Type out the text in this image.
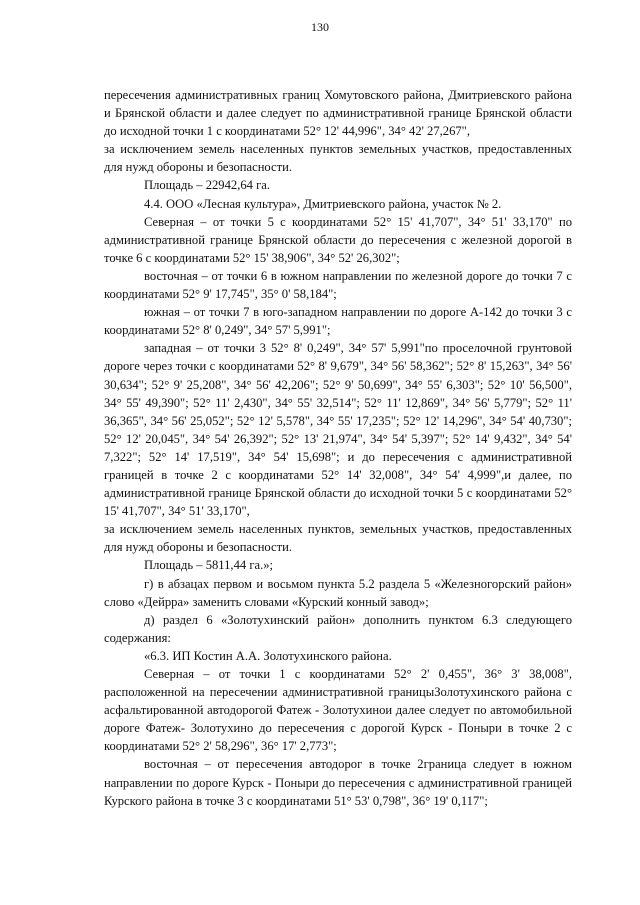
130

пересечения административных границ Хомутовского района, Дмитриевского района и Брянской области и далее следует по административной границе Брянской области до исходной точки 1 с координатами 52° 12' 44,996", 34° 42' 27,267",

за исключением земель населенных пунктов земельных участков, предоставленных для нужд обороны и безопасности.

Площадь – 22942,64 га.

4.4. ООО «Лесная культура», Дмитриевского района, участок № 2.

Северная – от точки 5 с координатами 52° 15' 41,707", 34° 51' 33,170" по административной границе Брянской области до пересечения с железной дорогой в точке 6 с координатами 52° 15' 38,906", 34° 52' 26,302";

восточная – от точки 6 в южном направлении по железной дороге до точки 7 с координатами 52° 9' 17,745", 35° 0' 58,184";

южная – от точки 7 в юго-западном направлении по дороге А-142 до точки 3 с координатами 52° 8' 0,249", 34° 57' 5,991";

западная – от точки 3 52° 8' 0,249", 34° 57' 5,991"по проселочной грунтовой дороге через точки с координатами 52° 8' 9,679", 34° 56' 58,362"; 52° 8' 15,263", 34° 56' 30,634"; 52° 9' 25,208", 34° 56' 42,206"; 52° 9' 50,699", 34° 55' 6,303"; 52° 10' 56,500", 34° 55' 49,390"; 52° 11' 2,430", 34° 55' 32,514"; 52° 11' 12,869", 34° 56' 5,779"; 52° 11' 36,365", 34° 56' 25,052"; 52° 12' 5,578", 34° 55' 17,235"; 52° 12' 14,296", 34° 54' 40,730"; 52° 12' 20,045", 34° 54' 26,392"; 52° 13' 21,974", 34° 54' 5,397"; 52° 14' 9,432", 34° 54' 7,322"; 52° 14' 17,519", 34° 54' 15,698"; и до пересечения с административной границей в точке 2 с координатами 52° 14' 32,008", 34° 54' 4,999",и далее, по административной границе Брянской области до исходной точки 5 с координатами 52° 15' 41,707", 34° 51' 33,170",

за исключением земель населенных пунктов, земельных участков, предоставленных для нужд обороны и безопасности.

Площадь – 5811,44 га.»;

г) в абзацах первом и восьмом пункта 5.2 раздела 5 «Железногорский район» слово «Дейрра» заменить словами «Курский конный завод»;

д) раздел 6 «Золотухинский район» дополнить пунктом 6.3 следующего содержания:

«6.3. ИП Костин А.А. Золотухинского района.

Северная – от точки 1 с координатами 52° 2' 0,455", 36° 3' 38,008", расположенной на пересечении административной границыЗолотухинского района с асфальтированной автодорогой Фатеж - Золотухинои далее следует по автомобильной дороге Фатеж- Золотухино до пересечения с дорогой Курск - Поныри в точке 2 с координатами 52° 2' 58,296", 36° 17' 2,773";

восточная – от пересечения автодорог в точке 2граница следует в южном направлении по дороге Курск - Поныри до пересечения с административной границей Курского района в точке 3 с координатами 51° 53' 0,798", 36° 19' 0,117";
